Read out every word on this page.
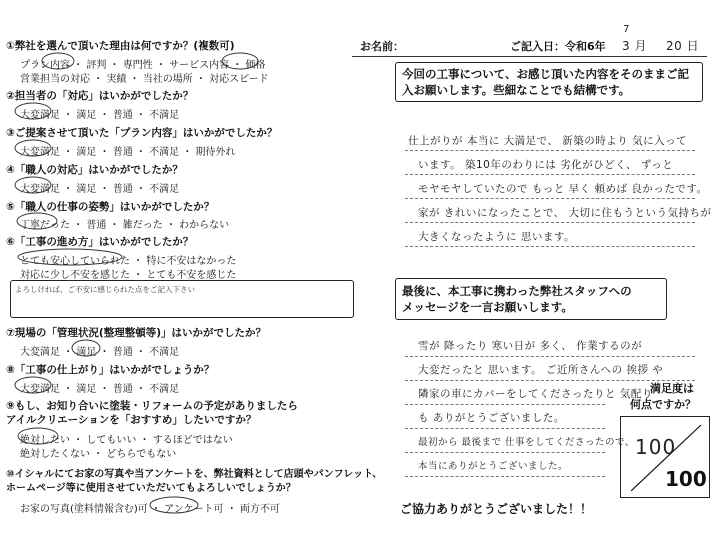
お名前：	ご記入日：令和6年
7
3 月 20 日
①弊社を選んで頂いた理由は何ですか？(複数可)
プラン内容 ・ 評判 ・ 専門性 ・ サービス内容 ・ 価格
営業担当の対応 ・ 実績 ・ 当社の場所 ・ 対応スピード
②担当者の「対応」はいかがでしたか？
大変満足 ・ 満足 ・ 普通 ・ 不満足
③ご提案させて頂いた「プラン内容」はいかがでしたか？
大変満足 ・ 満足 ・ 普通 ・ 不満足 ・ 期待外れ
④「職人の対応」はいかがでしたか？
大変満足 ・ 満足 ・ 普通 ・ 不満足
⑤「職人の仕事の姿勢」はいかがでしたか？
丁寧だった ・ 普通 ・ 雑だった ・ わからない
⑥「工事の進め方」はいかがでしたか？
とても安心していられた ・ 特に不安はなかった
対応に少し不安を感じた ・ とても不安を感じた
よろしければ、ご不安に感じられた点をご記入下さい
⑦現場の「管理状況(整理整頓等)」はいかがでしたか？
大変満足 ・ 満足 ・ 普通 ・ 不満足
⑧「工事の仕上がり」はいかがでしょうか？
大変満足 ・ 満足 ・ 普通 ・ 不満足
⑨もし、お知り合いに塗装・リフォームの予定がありましたら
アイルクリエーションを「おすすめ」したいですか？
絶対したい ・ してもいい ・ するほどではない
絶対したくない ・ どちらでもない
⑩イシャルにてお家の写真や当アンケートを、弊社資料として店頭やパンフレット、
ホームページ等に使用させていただいてもよろしいでしょうか？
お家の写真(塗料情報含む)可 ・ アンケート可 ・ 両方不可
今回の工事について、お感じ頂いた内容をそのままご記
入お願いします。些細なことでも結構です。
仕上がりが 本当に 大満足で、 新築の時より 気に入って
います。 築10年のわりには 劣化がひどく、 ずっと
モヤモヤしていたので もっと 早く 頼めば 良かったです。
家が きれいになったことで、 大切に住もうという気持ちが
大きくなったように 思います。
最後に、本工事に携わった弊社スタッフへの
メッセージを一言お願いします。
雪が 降ったり 寒い日が 多く、 作業するのが
大変だったと 思います。 ご近所さんへの 挨拶 や
隣家の車にカバーをしてくださったりと 気配り
も ありがとうございました。
最初から 最後まで 仕事をしてくださったので、
本当にありがとうございました。
満足度は
何点ですか？
100
100
ご協力ありがとうございました！！
